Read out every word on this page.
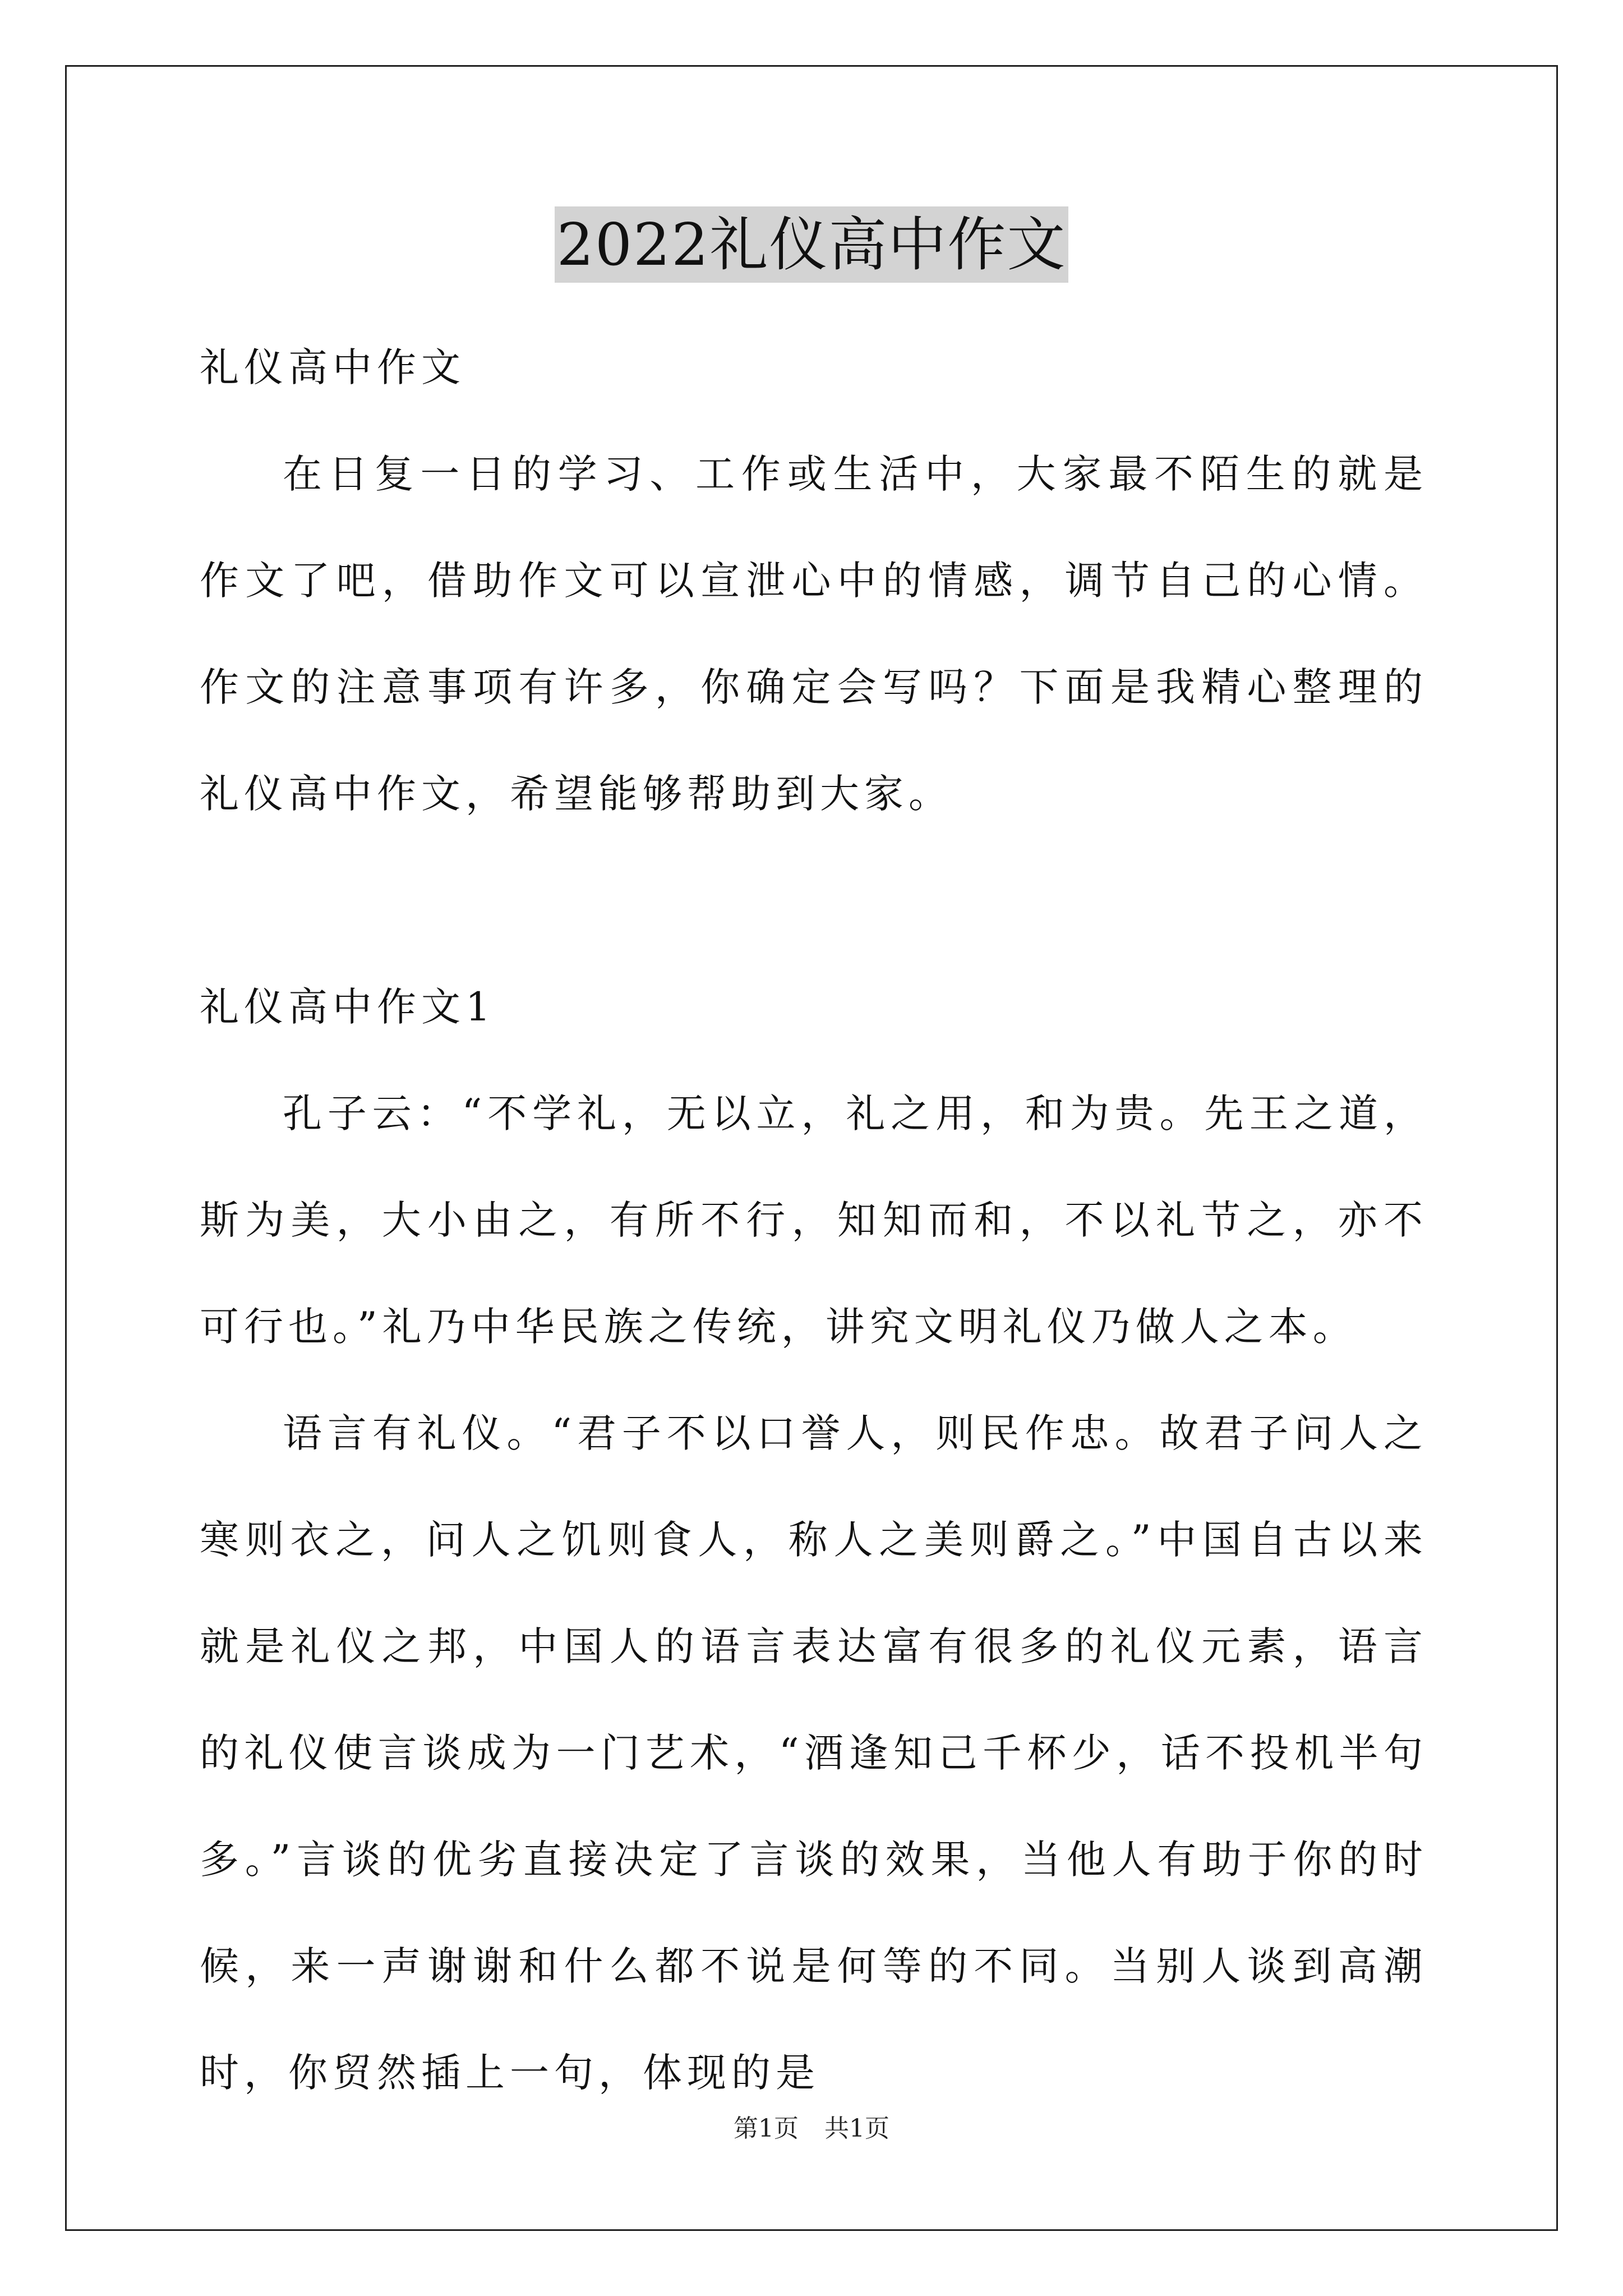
2022礼仪高中作文

礼仪高中作文

在日复一日的学习、工作或生活中，大家最不陌生的就是作文了吧，借助作文可以宣泄心中的情感，调节自己的心情。作文的注意事项有许多，你确定会写吗？下面是我精心整理的礼仪高中作文，希望能够帮助到大家。

礼仪高中作文1

孔子云：“不学礼，无以立，礼之用，和为贵。先王之道，斯为美，大小由之，有所不行，知知而和，不以礼节之，亦不可行也。”礼乃中华民族之传统，讲究文明礼仪乃做人之本。

语言有礼仪。“君子不以口誉人，则民作忠。故君子问人之寒则衣之，问人之饥则食人，称人之美则爵之。”中国自古以来就是礼仪之邦，中国人的语言表达富有很多的礼仪元素，语言的礼仪使言谈成为一门艺术，“酒逢知己千杯少，话不投机半句多。”言谈的优劣直接决定了言谈的效果，当他人有助于你的时候，来一声谢谢和什么都不说是何等的不同。当别人谈到高潮时，你贸然插上一句，体现的是

第1页 共1页
